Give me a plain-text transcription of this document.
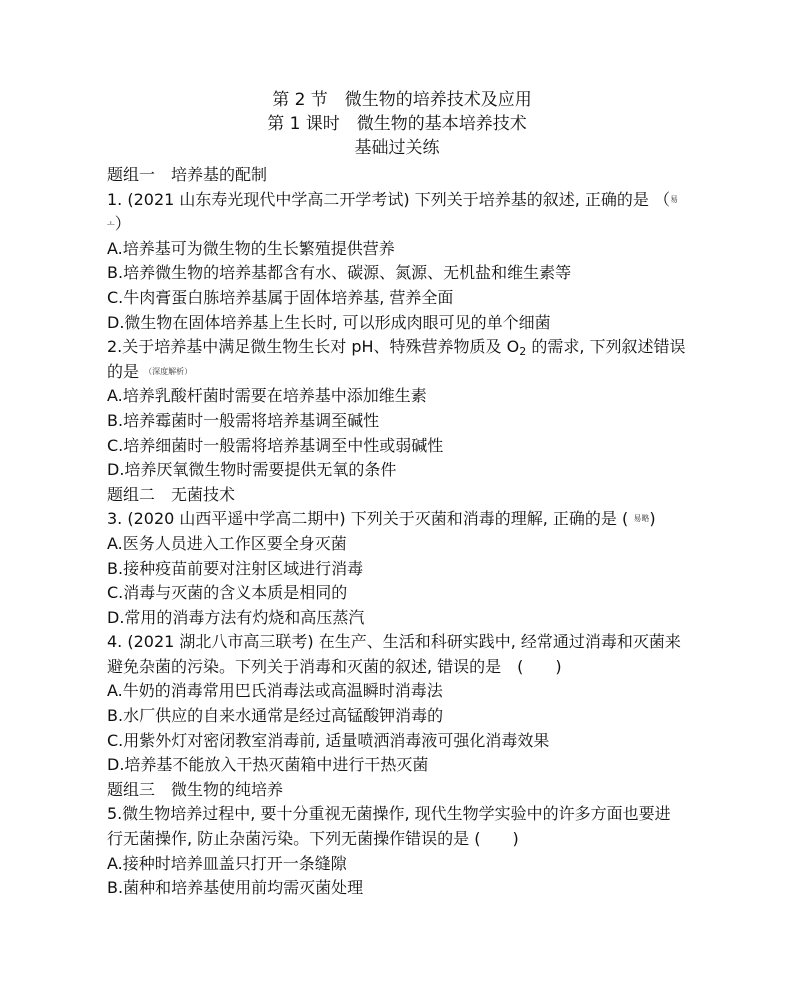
第 2 节　微生物的培养技术及应用
第 1 课时　微生物的基本培养技术
基础过关练
题组一　培养基的配制
1. (2021 山东寿光现代中学高二开学考试) 下列关于培养基的叙述, 正确的是 （易
ㅗ）
A.培养基可为微生物的生长繁殖提供营养
B.培养微生物的培养基都含有水、碳源、氮源、无机盐和维生素等
C.牛肉膏蛋白胨培养基属于固体培养基, 营养全面
D.微生物在固体培养基上生长时, 可以形成肉眼可见的单个细菌
2.关于培养基中满足微生物生长对 pH、特殊营养物质及 $O_2$ 的需求, 下列叙述错误
的是 （深度解析）
A.培养乳酸杆菌时需要在培养基中添加维生素
B.培养霉菌时一般需将培养基调至碱性
C.培养细菌时一般需将培养基调至中性或弱碱性
D.培养厌氧微生物时需要提供无氧的条件
题组二　无菌技术
3. (2020 山西平遥中学高二期中) 下列关于灭菌和消毒的理解, 正确的是 ( 易略)
A.医务人员进入工作区要全身灭菌
B.接种疫苗前要对注射区域进行消毒
C.消毒与灭菌的含义本质是相同的
D.常用的消毒方法有灼烧和高压蒸汽
4. (2021 湖北八市高三联考) 在生产、生活和科研实践中, 经常通过消毒和灭菌来
避免杂菌的污染。下列关于消毒和灭菌的叙述, 错误的是　(　　)
A.牛奶的消毒常用巴氏消毒法或高温瞬时消毒法
B.水厂供应的自来水通常是经过高锰酸钾消毒的
C.用紫外灯对密闭教室消毒前, 适量喷洒消毒液可强化消毒效果
D.培养基不能放入干热灭菌箱中进行干热灭菌
题组三　微生物的纯培养
5.微生物培养过程中, 要十分重视无菌操作, 现代生物学实验中的许多方面也要进
行无菌操作, 防止杂菌污染。下列无菌操作错误的是 (　　)
A.接种时培养皿盖只打开一条缝隙
B.菌种和培养基使用前均需灭菌处理
